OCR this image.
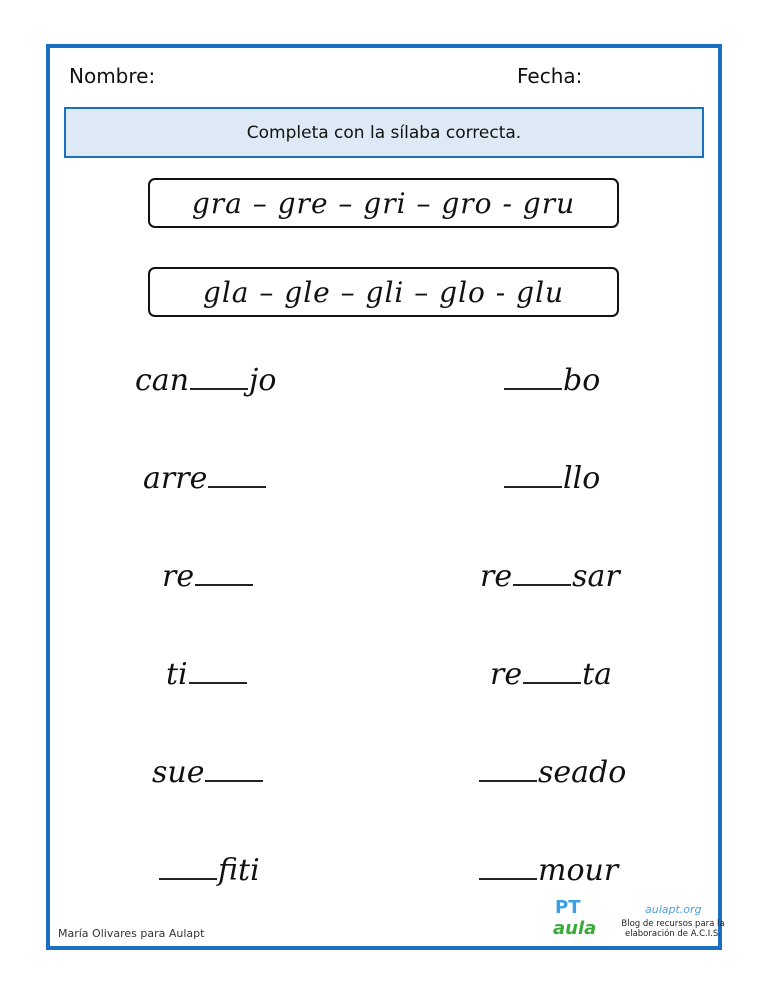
Nombre:	Fecha:
Completa con la sílaba correcta.
gra – gre – gri – gro - gru
gla – gle – gli – glo - glu
can jo	bo
arre	llo
re	re sar
ti	re ta
sue	seado
fiti	mour
María Olivares para Aulapt
PT
aula
aulapt.org
Blog de recursos para la elaboración de A.C.I.S.
